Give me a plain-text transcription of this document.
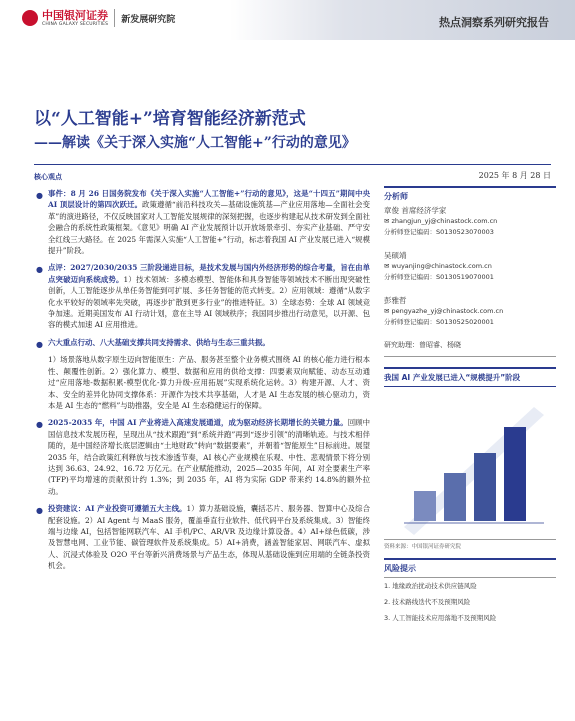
中国银河证券
CHINA GALAXY SECURITIES 新发展研究院	热点洞察系列研究报告
以“人工智能+”培育智能经济新范式
——解读《关于深入实施“人工智能+”行动的意见》
核心观点	2025 年 8 月 28 日
● 事件：8 月 26 日国务院发布《关于深入实施“人工智能+”行动的意见》，这是“十四五”期间中央 AI 顶层设计的第四次跃迁。政策遵循“前沿科技攻关—基础设施筑基—产业应用落地—全面社会变革”的演进路径，不仅反映国家对人工智能发展规律的深刻把握，也逐步构建起从技术研发到全面社会融合的系统性政策框架。《意见》明确 AI 产业发展预计以开放场景牵引、夯实产业基础、严守安全红线三大路径。在 2025 年需深入实施“人工智能+”行动，标志着我国 AI 产业发展已进入“规模提升”阶段。
● 点评：2027/2030/2035 三阶段递进目标，是技术发展与国内外经济形势的综合考量，旨在由单点突破迈向系统成势。1）技术领域：多模态模型、智能体和具身智能等领域技术不断出现突破性创新，人工智能逐步从单任务智能到可扩展、多任务智能的范式转变。2）应用领域：遵循“从数字化水平较好的领域率先突破，再逐步扩散到更多行业”的推进特征。3）全球态势：全球 AI 领域竞争加速。近期美国发布 AI 行动计划，意在主导 AI 领域秩序；我国同步推出行动意见，以开源、包容的模式加速 AI 应用推进。
● 六大重点行动、八大基础支撑共同支持需求、供给与生态三重共振。
1）场景落地从数字原生迈向智能原生：产品、服务甚至整个业务模式围绕 AI 的核心能力进行根本性、颠覆性创新。2）强化算力、模型、数据和应用的供给支撑：四要素双向赋能、动态互动通过“应用落地-数据积累-模型优化-算力升级-应用拓展”实现系统化运转。3）构建开源、人才、资本、安全的差异化协同支撑体系：开源作为技术共享基础，人才是 AI 生态发展的核心驱动力，资本是 AI 生态的“燃料”与助推器，安全是 AI 生态稳健运行的保障。
● 2025-2035 年，中国 AI 产业将进入高速发展通道，成为驱动经济长期增长的关键力量。回顾中国信息技术发展历程，呈现出从“技术跟跑”到“系统并跑”再到“逐步引领”的清晰轨迹。与技术相伴随的，是中国经济增长底层逻辑由“土地财政”转向“数据要素”，并朝着“智能原生”目标前进。展望 2035 年，结合政策红利释放与技术渗透节奏，AI 核心产业规模在乐观、中性、悲观情景下将分别达到 36.63、24.92、16.72 万亿元。在产业赋能推动，2025—2035 年间，AI 对全要素生产率(TFP)平均增速的贡献预计约 1.3%；到 2035 年，AI 将为实际 GDP 带来约 14.8%的额外拉动。
● 投资建议：AI 产业投资可遵循五大主线。1）算力基础设施，囊括芯片、服务器、智算中心及综合配套设施。2）AI Agent 与 MaaS 服务，覆盖垂直行业软件、低代码平台及系统集成。3）智能终端与边缘 AI，包括智能网联汽车、AI 手机/PC、AR/VR 及边缘计算设备。4）AI+绿色低碳，涉及智慧电网、工业节能、碳管理软件及系统集成。5）AI+消费，涵盖智能家居、网联汽车、虚拟人、沉浸式体验及 O2O 平台等新兴消费场景与产品生态，体现从基础设施到应用端的全链条投资机会。
分析师
章俊 首席经济学家
✉ zhangjun_yj@chinastock.com.cn
分析师登记编码：S0130523070003
吴硕靖
✉ wuyanjing@chinastock.com.cn
分析师登记编码：S0130519070001
彭雅哲
✉ pengyazhe_yj@chinastock.com.cn
分析师登记编码：S0130525020001
研究助理：曾昭睿、杨晓
我国 AI 产业发展已进入“规模提升”阶段
资料来源：中国银河证券研究院
风险提示
1. 地缘政治扰动技术供应链风险
2. 技术路线迭代不及预期风险
3. 人工智能技术应用落地不及预期风险
